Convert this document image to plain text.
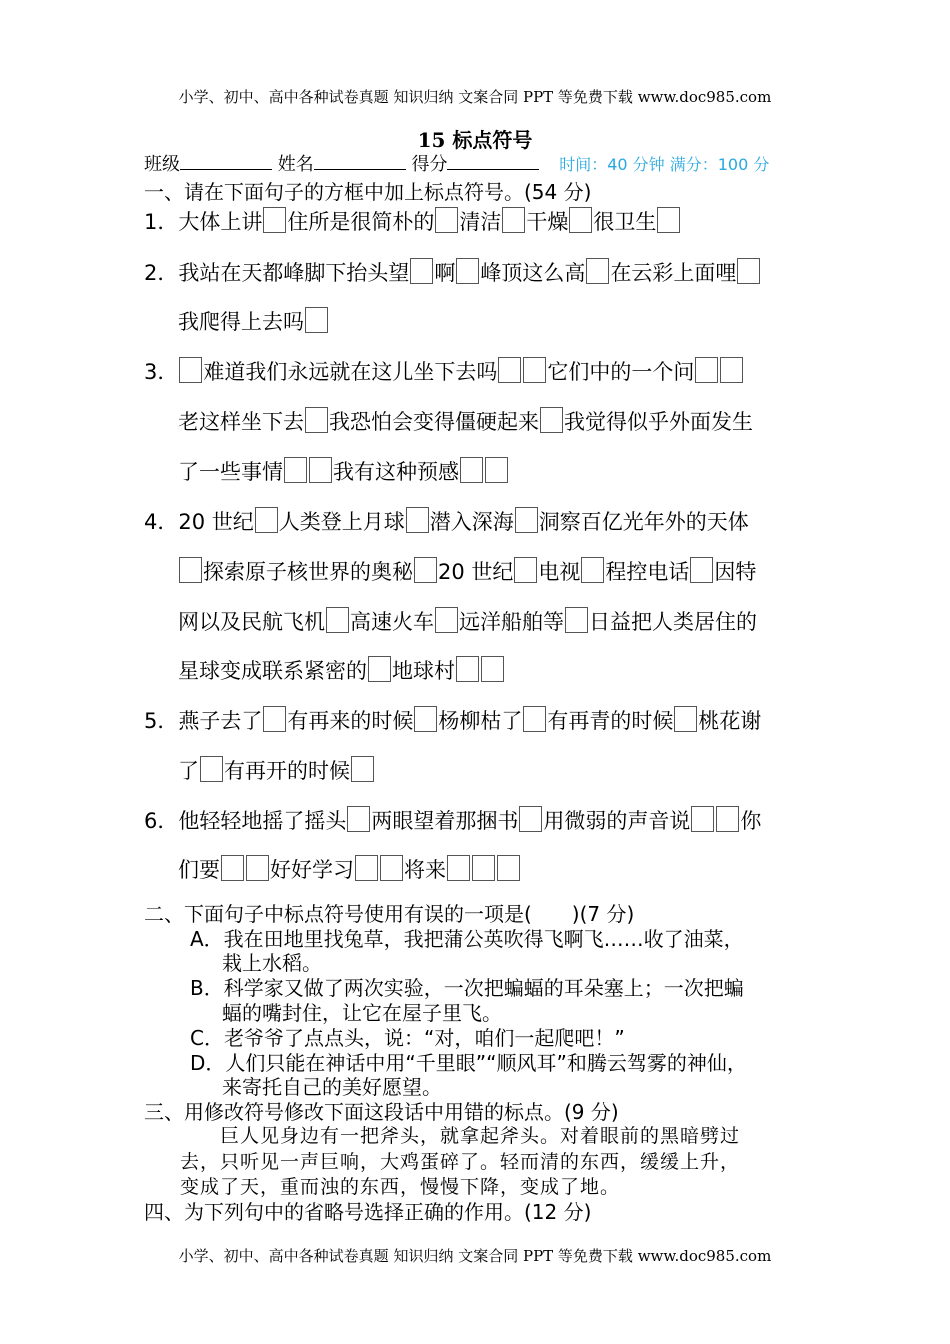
小学、初中、高中各种试卷真题 知识归纳 文案合同 PPT 等免费下载 www.doc985.com
15 标点符号
班级	姓名	得分	时间：40 分钟 满分：100 分
一、请在下面句子的方框中加上标点符号。(54 分)
1．大体上讲 住所是很简朴的 清洁 干燥 很卫生
2．我站在天都峰脚下抬头望 啊 峰顶这么高 在云彩上面哩
我爬得上去吗
3． 难道我们永远就在这儿坐下去吗 它们中的一个问
老这样坐下去 我恐怕会变得僵硬起来 我觉得似乎外面发生
了一些事情 我有这种预感
4．20 世纪 人类登上月球 潜入深海 洞察百亿光年外的天体
探索原子核世界的奥秘 20 世纪 电视 程控电话 因特
网以及民航飞机 高速火车 远洋船舶等 日益把人类居住的
星球变成联系紧密的 地球村
5．燕子去了 有再来的时候 杨柳枯了 有再青的时候 桃花谢
了 有再开的时候
6．他轻轻地摇了摇头 两眼望着那捆书 用微弱的声音说 你
们要 好好学习 将来
二、下面句子中标点符号使用有误的一项是(　　)(7 分)
A．我在田地里找兔草，我把蒲公英吹得飞啊飞……收了油菜，
栽上水稻。
B．科学家又做了两次实验，一次把蝙蝠的耳朵塞上；一次把蝙
蝠的嘴封住，让它在屋子里飞。
C．老爷爷了点点头，说：“对，咱们一起爬吧！”
D．人们只能在神话中用“千里眼”“顺风耳”和腾云驾雾的神仙，
来寄托自己的美好愿望。
三、用修改符号修改下面这段话中用错的标点。(9 分)
　　巨人见身边有一把斧头，就拿起斧头。对着眼前的黑暗劈过
去，只听见一声巨响，大鸡蛋碎了。轻而清的东西，缓缓上升，
变成了天，重而浊的东西，慢慢下降，变成了地。
四、为下列句中的省略号选择正确的作用。(12 分)
小学、初中、高中各种试卷真题 知识归纳 文案合同 PPT 等免费下载 www.doc985.com
